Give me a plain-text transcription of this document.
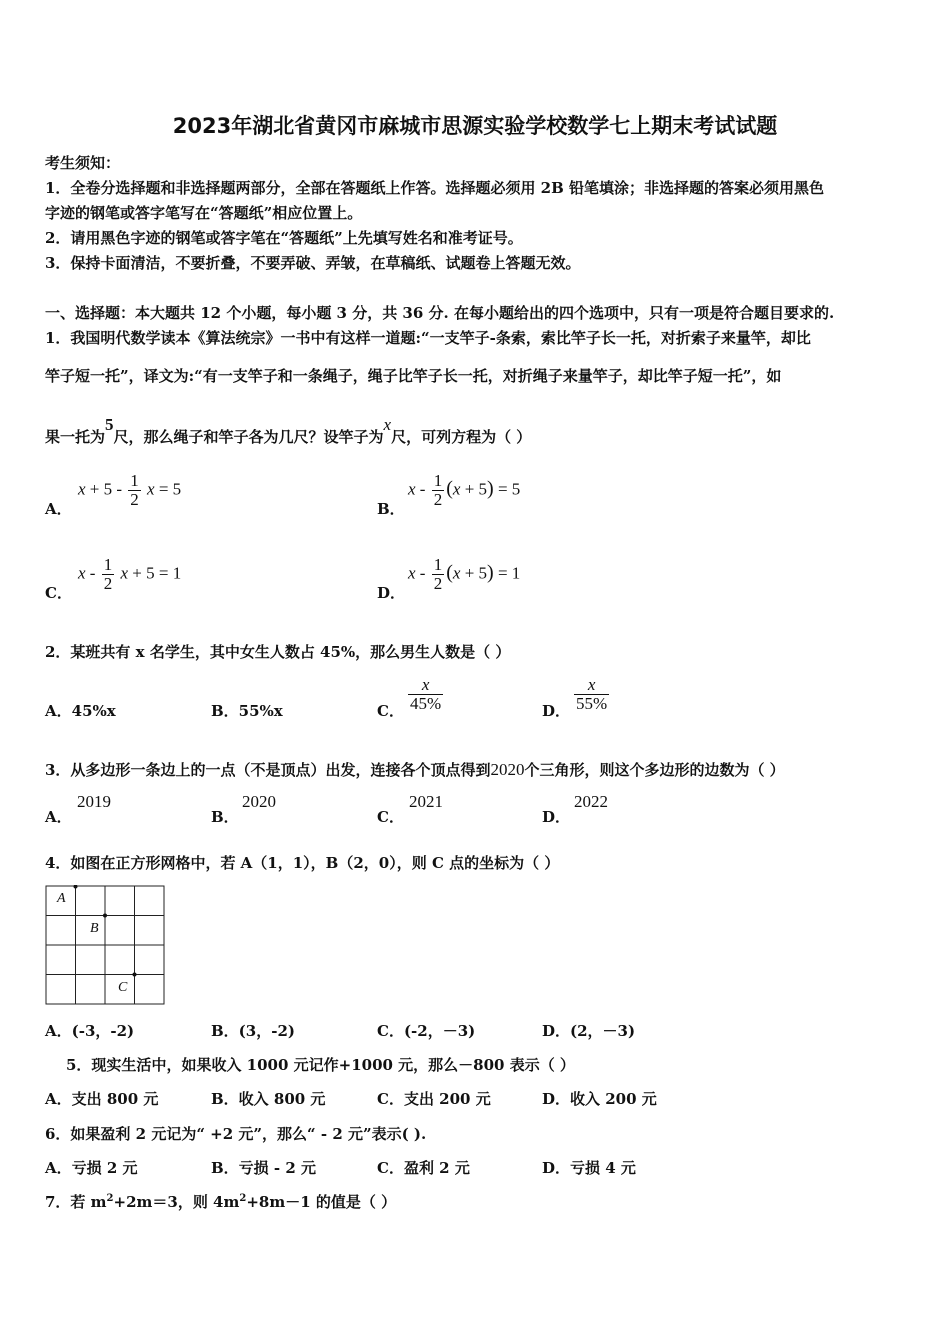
2023年湖北省黄冈市麻城市思源实验学校数学七上期末考试试题
考生须知：
1．全卷分选择题和非选择题两部分，全部在答题纸上作答。选择题必须用 2B 铅笔填涂；非选择题的答案必须用黑色
字迹的钢笔或答字笔写在“答题纸”相应位置上。
2．请用黑色字迹的钢笔或答字笔在“答题纸”上先填写姓名和准考证号。
3．保持卡面清洁，不要折叠，不要弄破、弄皱，在草稿纸、试题卷上答题无效。
一、选择题：本大题共 12 个小题，每小题 3 分，共 36 分. 在每小题给出的四个选项中，只有一项是符合题目要求的.
1．我国明代数学读本《算法统宗》一书中有这样一道题:“一支竿子-条索，索比竿子长一托，对折索子来量竿，却比
竿子短一托”，译文为:“有一支竿子和一条绳子，绳子比竿子长一托，对折绳子来量竿子，却比竿子短一托”，如
果一托为5尺，那么绳子和竿子各为几尺？设竿子为x尺，可列方程为（ ）
A．
$x + 5 - \frac{1}{2}$ x = 5
B．
$x - \frac{1}{2} (x + 5) = 5$
C．
x - $\frac{1}{2}$ x + 5 = 1
D．
$x - \frac{1}{2} (x + 5) = 1$
2．某班共有 x 名学生，其中女生人数占 45%，那么男生人数是（ ）
A．45%x	B．55%x	C． $\frac{x}{45\%}$	D． $\frac{x}{55\%}$
3．从多边形一条边上的一点（不是顶点）出发，连接各个顶点得到2020个三角形，则这个多边形的边数为（ ）
A．
2019
B．
2020
C．
2021
D．
2022
4．如图在正方形网格中，若 A（1，1），B（2，0），则 C 点的坐标为（ ）
A
B
C
A．(-3，-2)	B．(3，-2)	C．(-2，－3)	D．(2，－3)
5．现实生活中，如果收入 1000 元记作+1000 元，那么－800 表示（ ）
A．支出 800 元	B．收入 800 元	C．支出 200 元	D．收入 200 元
6．如果盈利 2 元记为“ +2 元”，那么“ - 2 元”表示( ).
A．亏损 2 元	B．亏损 - 2 元	C．盈利 2 元	D．亏损 4 元
7．若 $m^2+2m=3$，则 $4m^2+8m-1$ 的值是（ ）
